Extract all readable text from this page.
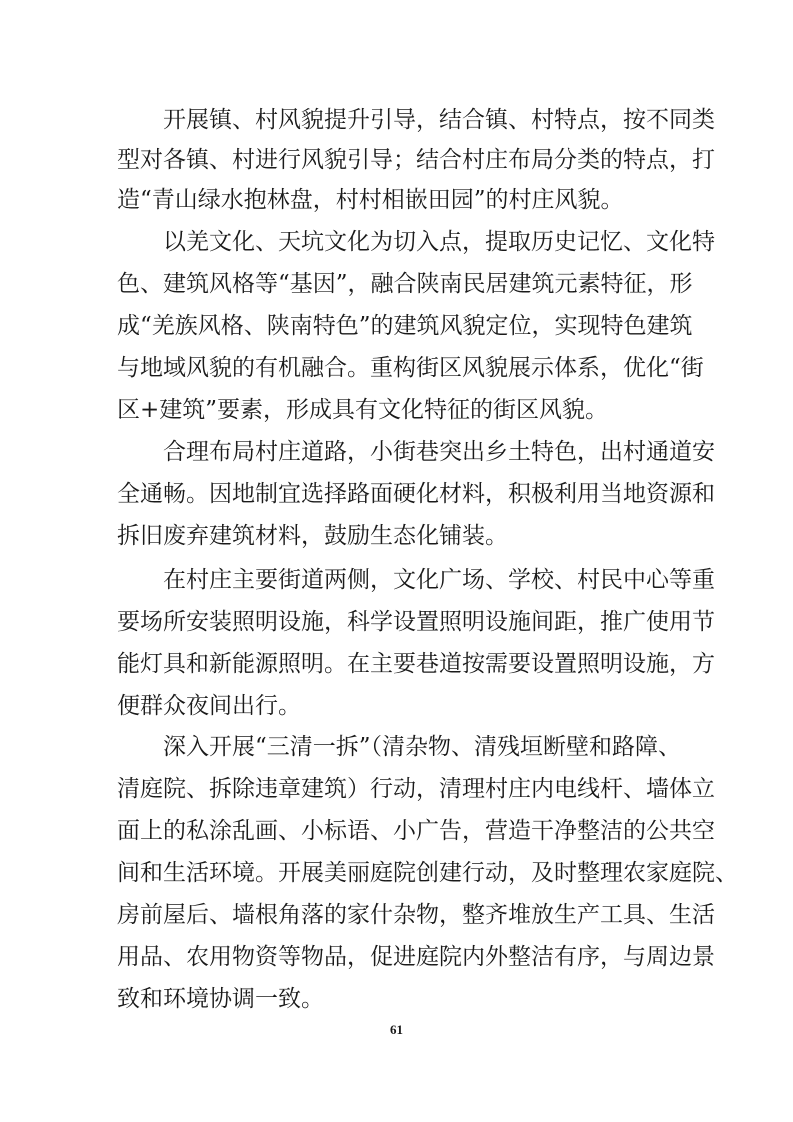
开展镇、村风貌提升引导，结合镇、村特点，按不同类
型对各镇、村进行风貌引导；结合村庄布局分类的特点，打
造“青山绿水抱林盘，村村相嵌田园”的村庄风貌。
以羌文化、天坑文化为切入点，提取历史记忆、文化特
色、建筑风格等“基因”，融合陕南民居建筑元素特征，形
成“羌族风格、陕南特色”的建筑风貌定位，实现特色建筑
与地域风貌的有机融合。重构街区风貌展示体系，优化“街
区+建筑”要素，形成具有文化特征的街区风貌。
合理布局村庄道路，小街巷突出乡土特色，出村通道安
全通畅。因地制宜选择路面硬化材料，积极利用当地资源和
拆旧废弃建筑材料，鼓励生态化铺装。
在村庄主要街道两侧，文化广场、学校、村民中心等重
要场所安装照明设施，科学设置照明设施间距，推广使用节
能灯具和新能源照明。在主要巷道按需要设置照明设施，方
便群众夜间出行。
深入开展“三清一拆”（清杂物、清残垣断壁和路障、
清庭院、拆除违章建筑）行动，清理村庄内电线杆、墙体立
面上的私涂乱画、小标语、小广告，营造干净整洁的公共空
间和生活环境。开展美丽庭院创建行动，及时整理农家庭院、
房前屋后、墙根角落的家什杂物，整齐堆放生产工具、生活
用品、农用物资等物品，促进庭院内外整洁有序，与周边景
致和环境协调一致。
61
